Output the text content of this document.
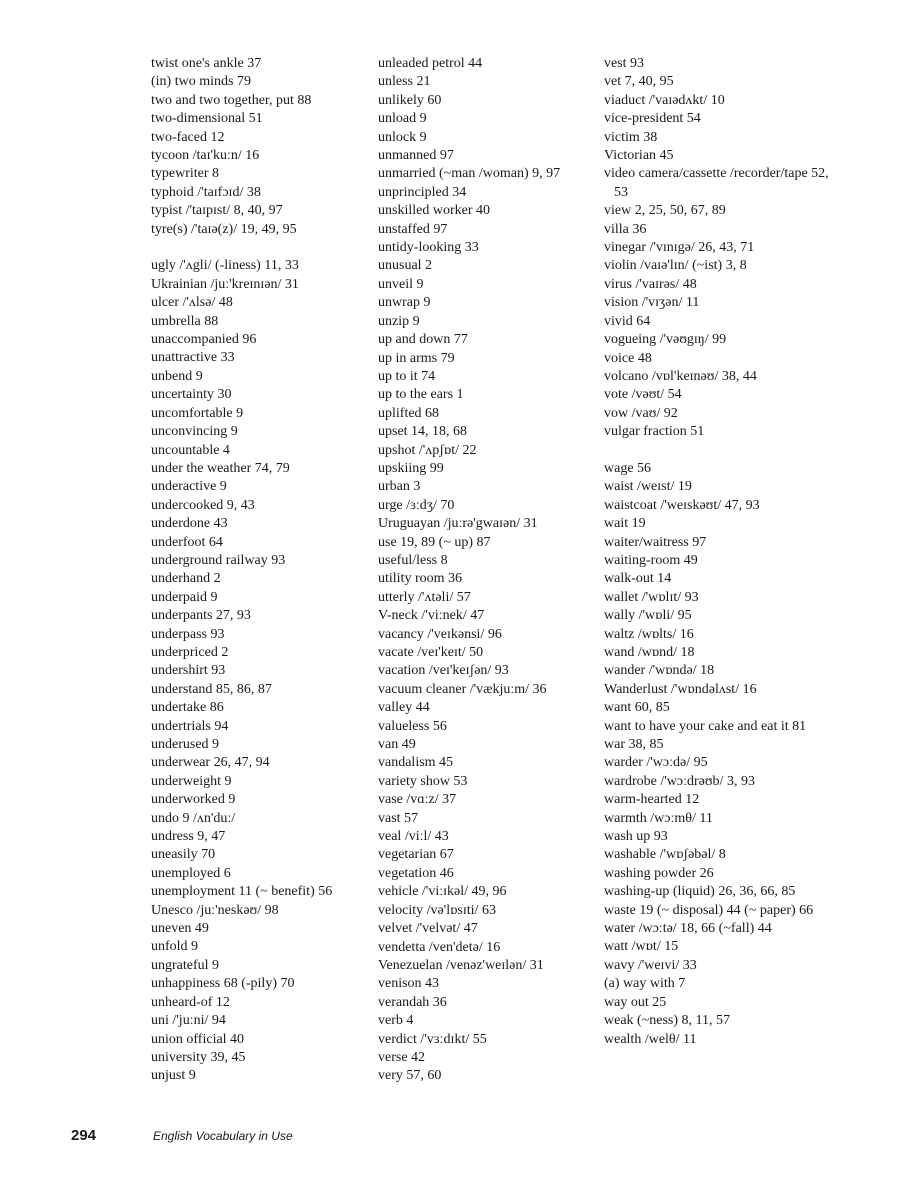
twist one's ankle 37
(in) two minds 79
two and two together, put 88
two-dimensional 51
two-faced 12
tycoon /taɪ'kuːn/ 16
typewriter 8
typhoid /'taɪfɔɪd/ 38
typist /'taɪpɪst/ 8, 40, 97
tyre(s) /'taɪə(z)/ 19, 49, 95
ugly /'ʌgli/ (-liness) 11, 33
Ukrainian /juː'kreɪnɪən/ 31
ulcer /'ʌlsə/ 48
umbrella 88
unaccompanied 96
unattractive 33
unbend 9
uncertainty 30
uncomfortable 9
unconvincing 9
uncountable 4
under the weather 74, 79
underactive 9
undercooked 9, 43
underdone 43
underfoot 64
underground railway 93
underhand 2
underpaid 9
underpants 27, 93
underpass 93
underpriced 2
undershirt 93
understand 85, 86, 87
undertake 86
undertrials 94
underused 9
underwear 26, 47, 94
underweight 9
underworked 9
undo 9 /ʌn'duː/
undress 9, 47
uneasily 70
unemployed 6
unemployment 11 (~ benefit) 56
Unesco /juː'neskəʊ/ 98
uneven 49
unfold 9
ungrateful 9
unhappiness 68 (-pily) 70
unheard-of 12
uni /'juːni/ 94
union official 40
university 39, 45
unjust 9
unleaded petrol 44
unless 21
unlikely 60
unload 9
unlock 9
unmanned 97
unmarried (~man /woman) 9, 97
unprincipled 34
unskilled worker 40
unstaffed 97
untidy-looking 33
unusual 2
unveil 9
unwrap 9
unzip 9
up and down 77
up in arms 79
up to it 74
up to the ears 1
uplifted 68
upset 14, 18, 68
upshot /'ʌpʃɒt/ 22
upskiing 99
urban 3
urge /ɜːdʒ/ 70
Uruguayan /juːrə'gwaɪən/ 31
use 19, 89 (~ up) 87
useful/less 8
utility room 36
utterly /'ʌtəli/ 57
V-neck /'viːnek/ 47
vacancy /'veɪkənsi/ 96
vacate /veɪ'keɪt/ 50
vacation /veɪ'keɪʃən/ 93
vacuum cleaner /'vækjuːm/ 36
valley 44
valueless 56
van 49
vandalism 45
variety show 53
vase /vɑːz/ 37
vast 57
veal /viːl/ 43
vegetarian 67
vegetation 46
vehicle /'viːɪkəl/ 49, 96
velocity /və'lɒsɪti/ 63
velvet /'velvət/ 47
vendetta /ven'detə/ 16
Venezuelan /venəz'weɪlən/ 31
venison 43
verandah 36
verb 4
verdict /'vɜːdɪkt/ 55
verse 42
very 57, 60
vest 93
vet 7, 40, 95
viaduct /'vaɪədʌkt/ 10
vice-president 54
victim 38
Victorian 45
video camera/cassette /recorder/tape 52, 53
view 2, 25, 50, 67, 89
villa 36
vinegar /'vɪnɪgə/ 26, 43, 71
violin /vaɪə'lɪn/ (~ist) 3, 8
virus /'vaɪrəs/ 48
vision /'vɪʒən/ 11
vivid 64
vogueing /'vəʊgɪŋ/ 99
voice 48
volcano /vɒl'keɪnəʊ/ 38, 44
vote /vəʊt/ 54
vow /vaʊ/ 92
vulgar fraction 51
wage 56
waist /weɪst/ 19
waistcoat /'weɪskəʊt/ 47, 93
wait 19
waiter/waitress 97
waiting-room 49
walk-out 14
wallet /'wɒlɪt/ 93
wally /'wɒli/ 95
waltz /wɒlts/ 16
wand /wɒnd/ 18
wander /'wɒndə/ 18
Wanderlust /'wɒndəlʌst/ 16
want 60, 85
want to have your cake and eat it 81
war 38, 85
warder /'wɔːdə/ 95
wardrobe /'wɔːdrəʊb/ 3, 93
warm-hearted 12
warmth /wɔːmθ/ 11
wash up 93
washable /'wɒʃəbəl/ 8
washing powder 26
washing-up (liquid) 26, 36, 66, 85
waste 19 (~ disposal) 44 (~ paper) 66
water /wɔːtə/ 18, 66 (~fall) 44
watt /wɒt/ 15
wavy /'weɪvi/ 33
(a) way with 7
way out 25
weak (~ness) 8, 11, 57
wealth /welθ/ 11
294	English Vocabulary in Use
